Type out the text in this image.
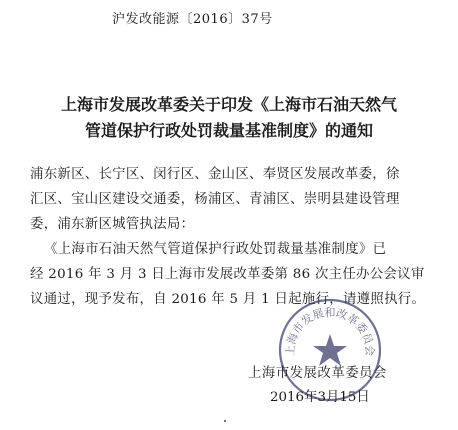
沪发改能源〔2016〕37号
上海市发展改革委关于印发《上海市石油天然气
管道保护行政处罚裁量基准制度》的通知
浦东新区、长宁区、闵行区、金山区、奉贤区发展改革委，徐
汇区、宝山区建设交通委，杨浦区、青浦区、崇明县建设管理
委，浦东新区城管执法局：
《上海市石油天然气管道保护行政处罚裁量基准制度》已
经 2016 年 3 月 3 日上海市发展改革委第 86 次主任办公会议审
议通过，现予发布，自 2016 年 5 月 1 日起施行，请遵照执行。
上海市发展和改革委员会
上海市发展改革委员会
2016年3月15日
